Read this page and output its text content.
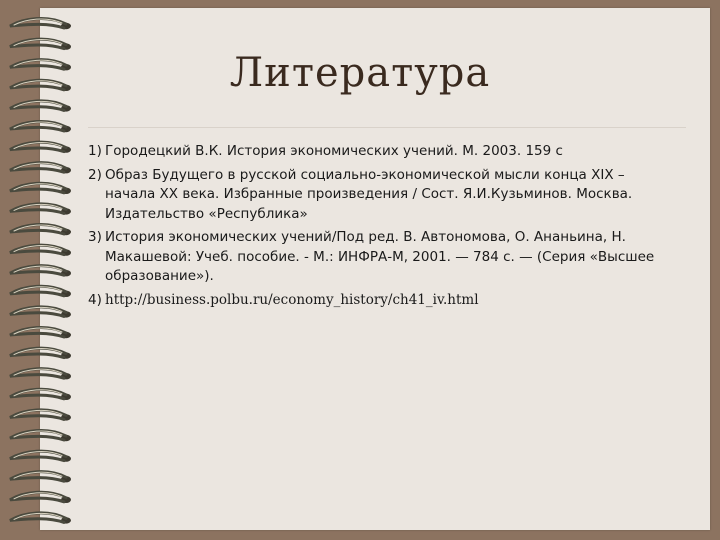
Литература
1) Городецкий В.К. История экономических учений. М. 2003. 159 с
2) Образ Будущего в русской социально-экономической мысли конца XIX – начала XX века. Избранные произведения / Сост. Я.И.Кузьминов. Москва. Издательство «Республика»
3) История экономических учений/Под ред. В. Автономова, О. Ананьина, Н. Макашевой: Учеб. пособие. - М.: ИНФРА-М, 2001. — 784 с. — (Серия «Высшее образование»).
4) http://business.polbu.ru/economy_history/ch41_iv.html
